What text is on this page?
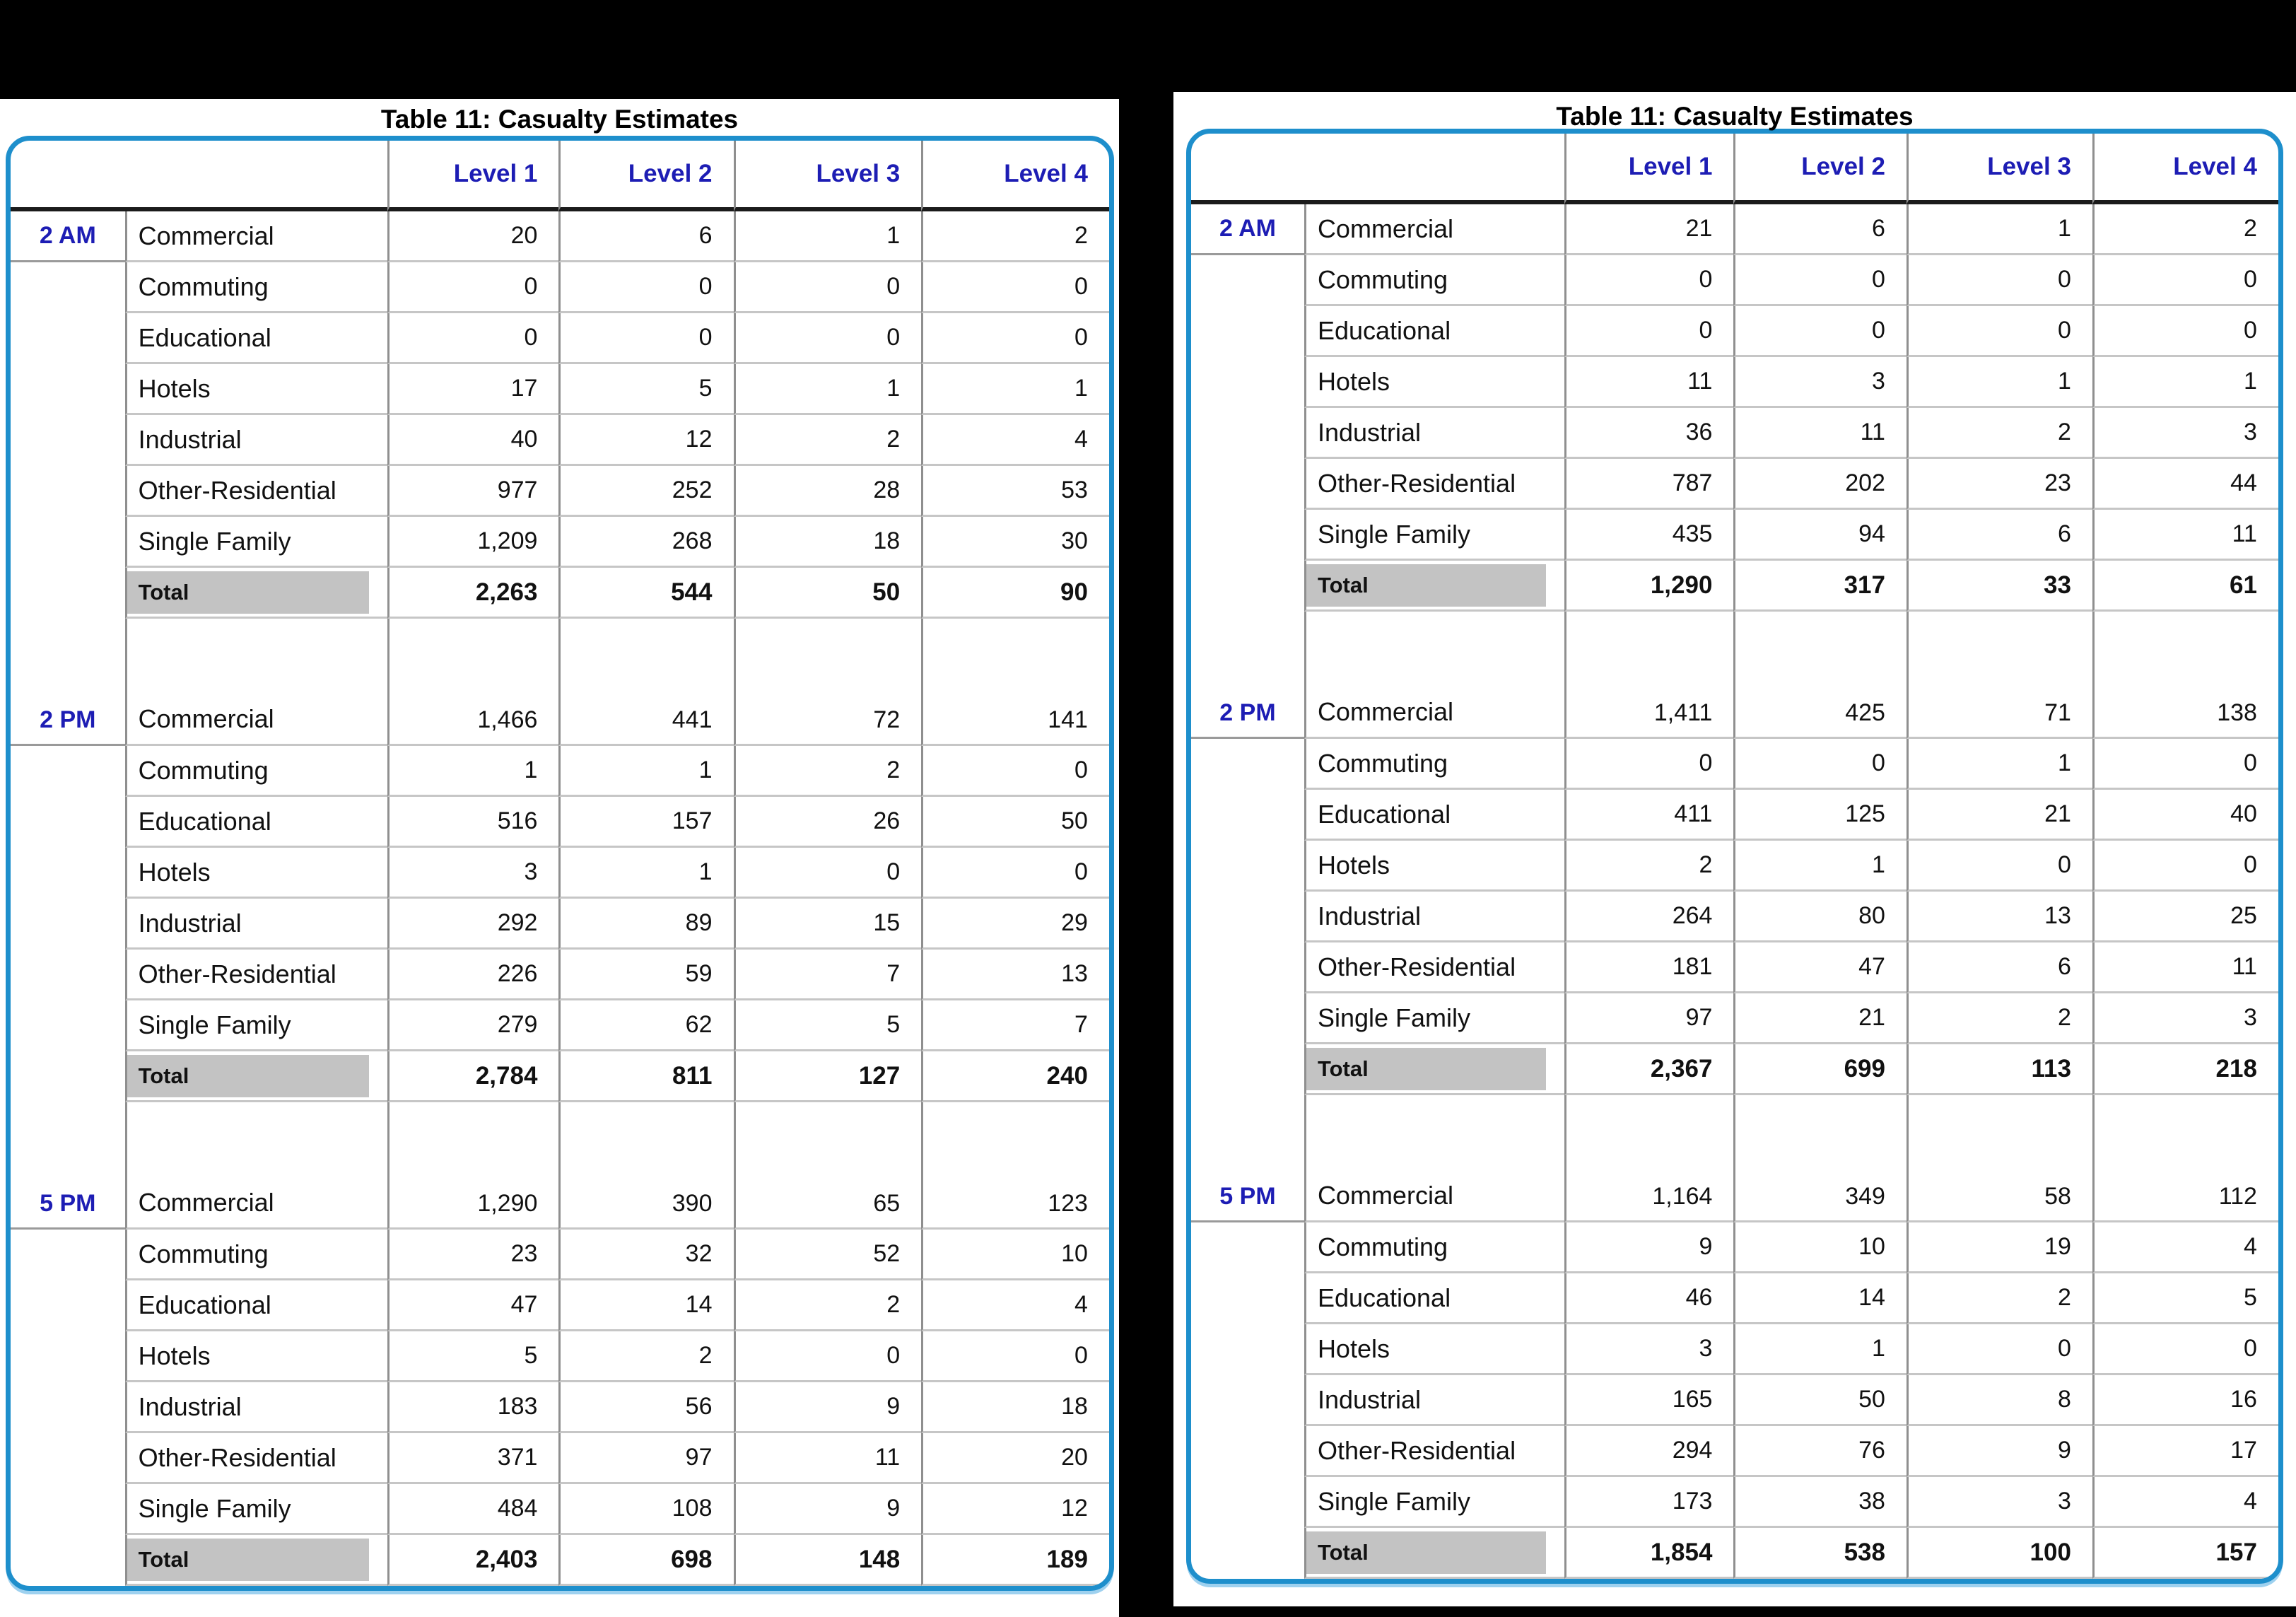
Table 11: Casualty Estimates
Level 1	Level 2	Level 3	Level 4
2 AM	Commercial	20	6	1	2
Commuting	0	0	0	0
Educational	0	0	0	0
Hotels	17	5	1	1
Industrial	40	12	2	4
Other-Residential	977	252	28	53
Single Family	1,209	268	18	30
Total	2,263	544	50	90
2 PM	Commercial	1,466	441	72	141
Commuting	1	1	2	0
Educational	516	157	26	50
Hotels	3	1	0	0
Industrial	292	89	15	29
Other-Residential	226	59	7	13
Single Family	279	62	5	7
Total	2,784	811	127	240
5 PM	Commercial	1,290	390	65	123
Commuting	23	32	52	10
Educational	47	14	2	4
Hotels	5	2	0	0
Industrial	183	56	9	18
Other-Residential	371	97	11	20
Single Family	484	108	9	12
Total	2,403	698	148	189
Table 11: Casualty Estimates
Level 1	Level 2	Level 3	Level 4
2 AM	Commercial	21	6	1	2
Commuting	0	0	0	0
Educational	0	0	0	0
Hotels	11	3	1	1
Industrial	36	11	2	3
Other-Residential	787	202	23	44
Single Family	435	94	6	11
Total	1,290	317	33	61
2 PM	Commercial	1,411	425	71	138
Commuting	0	0	1	0
Educational	411	125	21	40
Hotels	2	1	0	0
Industrial	264	80	13	25
Other-Residential	181	47	6	11
Single Family	97	21	2	3
Total	2,367	699	113	218
5 PM	Commercial	1,164	349	58	112
Commuting	9	10	19	4
Educational	46	14	2	5
Hotels	3	1	0	0
Industrial	165	50	8	16
Other-Residential	294	76	9	17
Single Family	173	38	3	4
Total	1,854	538	100	157
